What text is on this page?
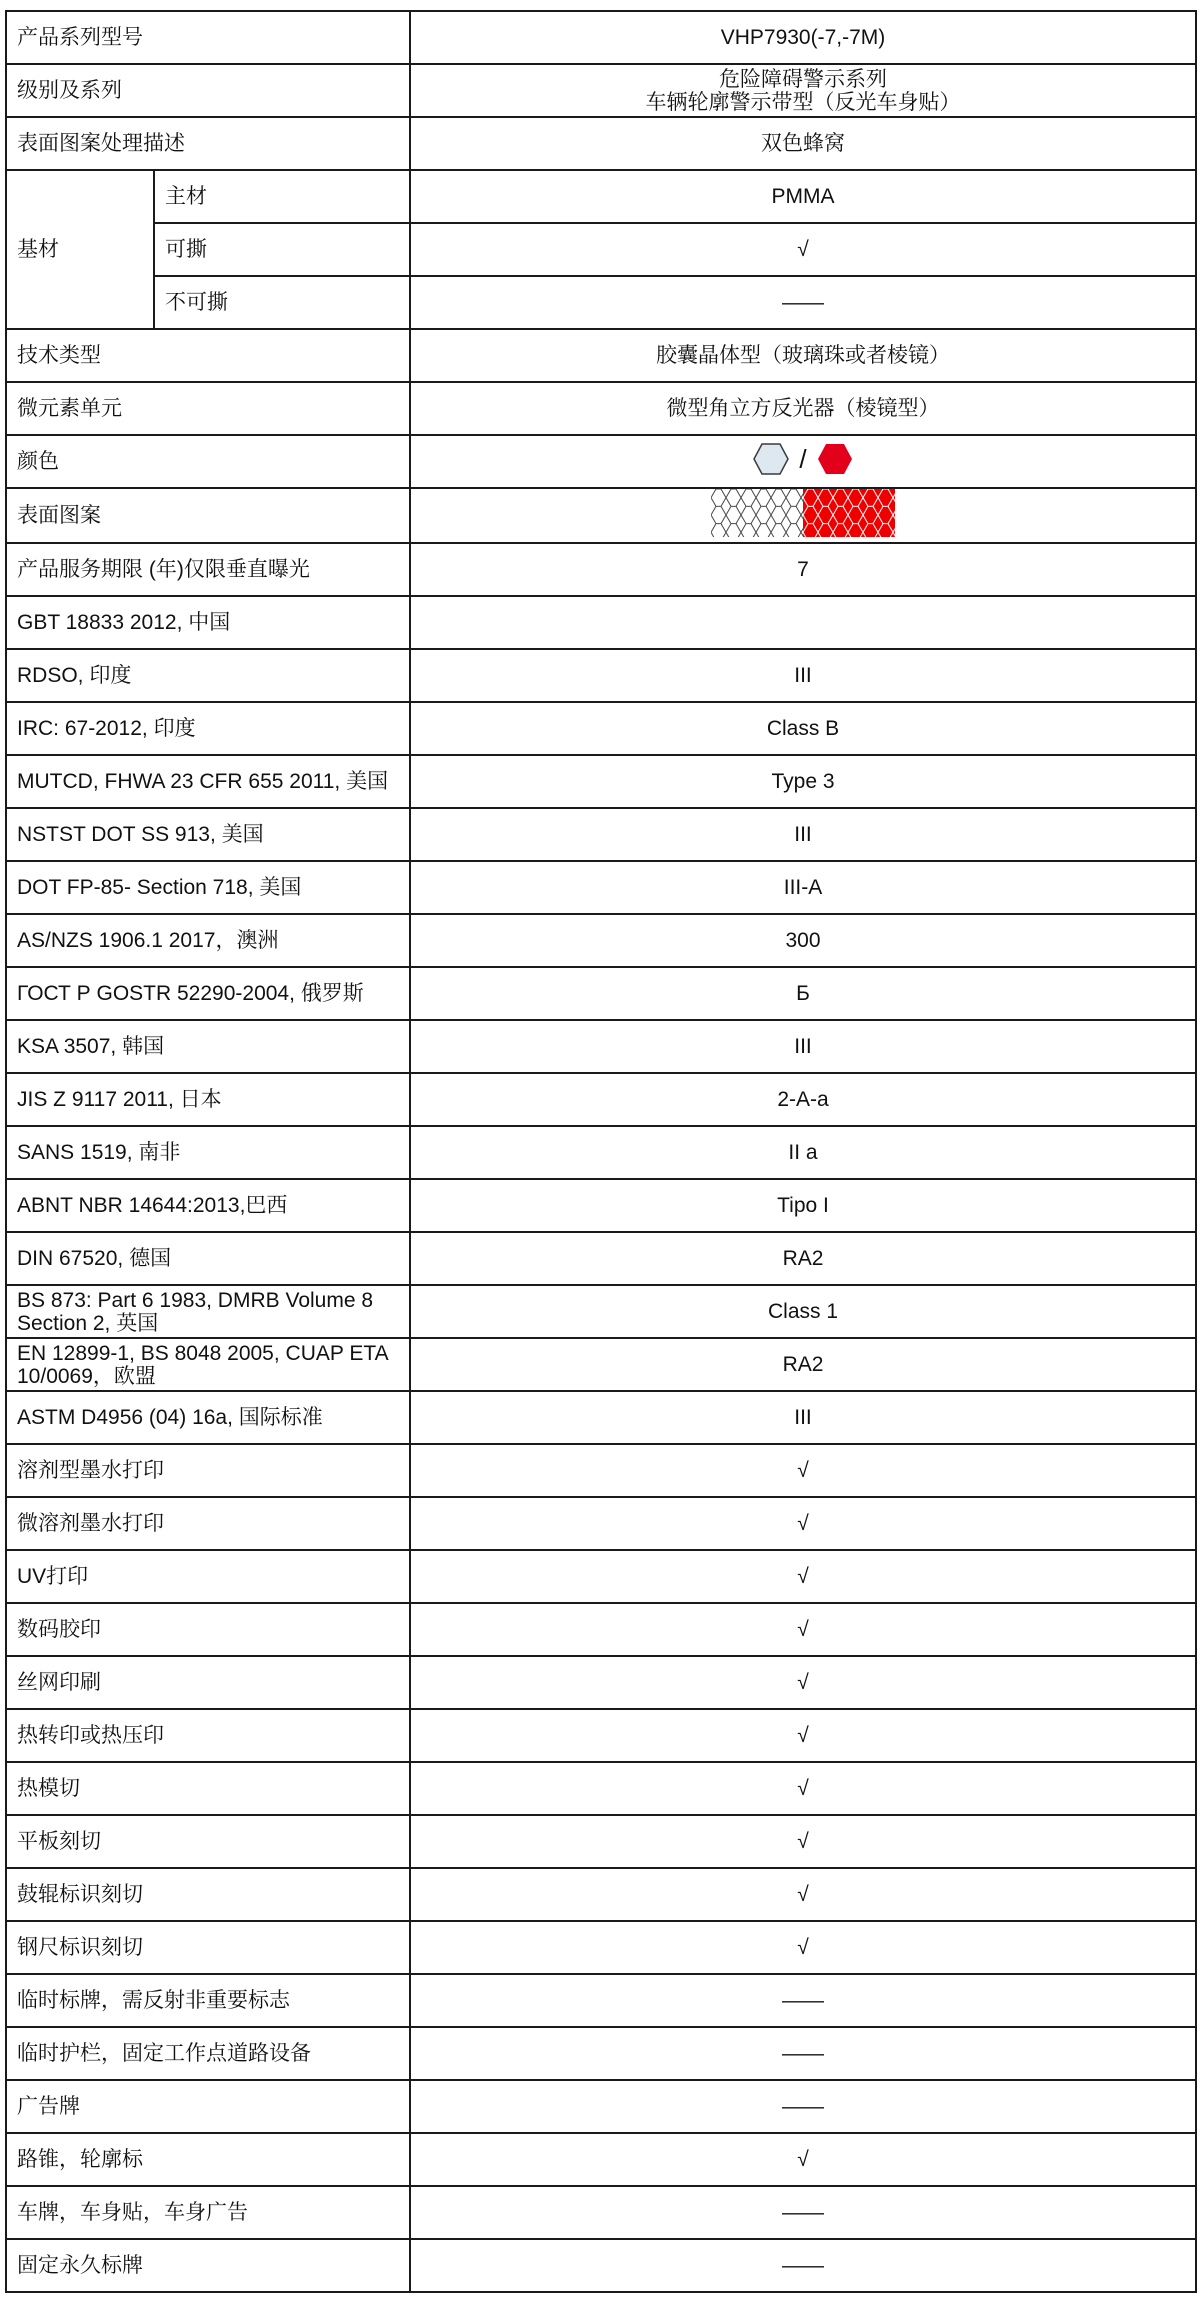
产品系列型号		VHP7930(-7,-7M)
级别及系列		危险障碍警示系列
车辆轮廓警示带型（反光车身贴）

表面图案处理描述		双色蜂窝
基材	主材	PMMA
	可撕	√
	不可撕	——
技术类型		胶囊晶体型（玻璃珠或者棱镜）
微元素单元		微型角立方反光器（棱镜型）
颜色		/

表面图案	

产品服务期限 (年)仅限垂直曝光		7
GBT 18833 2012, 中国		
RDSO, 印度		III
IRC: 67-2012, 印度		Class B
MUTCD, FHWA 23 CFR 655 2011, 美国		Type 3
NSTST DOT SS 913, 美国		III
DOT FP-85- Section 718, 美国		III-A
AS/NZS 1906.1 2017，澳洲		300
ГОСТ Р GOSTR 52290-2004, 俄罗斯		Б
KSA 3507, 韩国		III
JIS Z 9117 2011, 日本		2-A-a
SANS 1519, 南非		II a
ABNT NBR 14644:2013,巴西		Tipo I
DIN 67520, 德国		RA2
BS 873: Part 6 1983, DMRB Volume 8 Section 2, 英国		Class 1
EN 12899-1, BS 8048 2005, CUAP ETA 10/0069，欧盟		RA2
ASTM D4956 (04) 16a, 国际标准		III
溶剂型墨水打印		√
微溶剂墨水打印		√
UV打印		√
数码胶印		√
丝网印刷		√
热转印或热压印		√
热模切		√
平板刻切		√
鼓辊标识刻切		√
钢尺标识刻切		√
临时标牌，需反射非重要标志		——
临时护栏，固定工作点道路设备		——
广告牌		——
路锥，轮廓标		√
车牌，车身贴，车身广告		——
固定永久标牌		——
